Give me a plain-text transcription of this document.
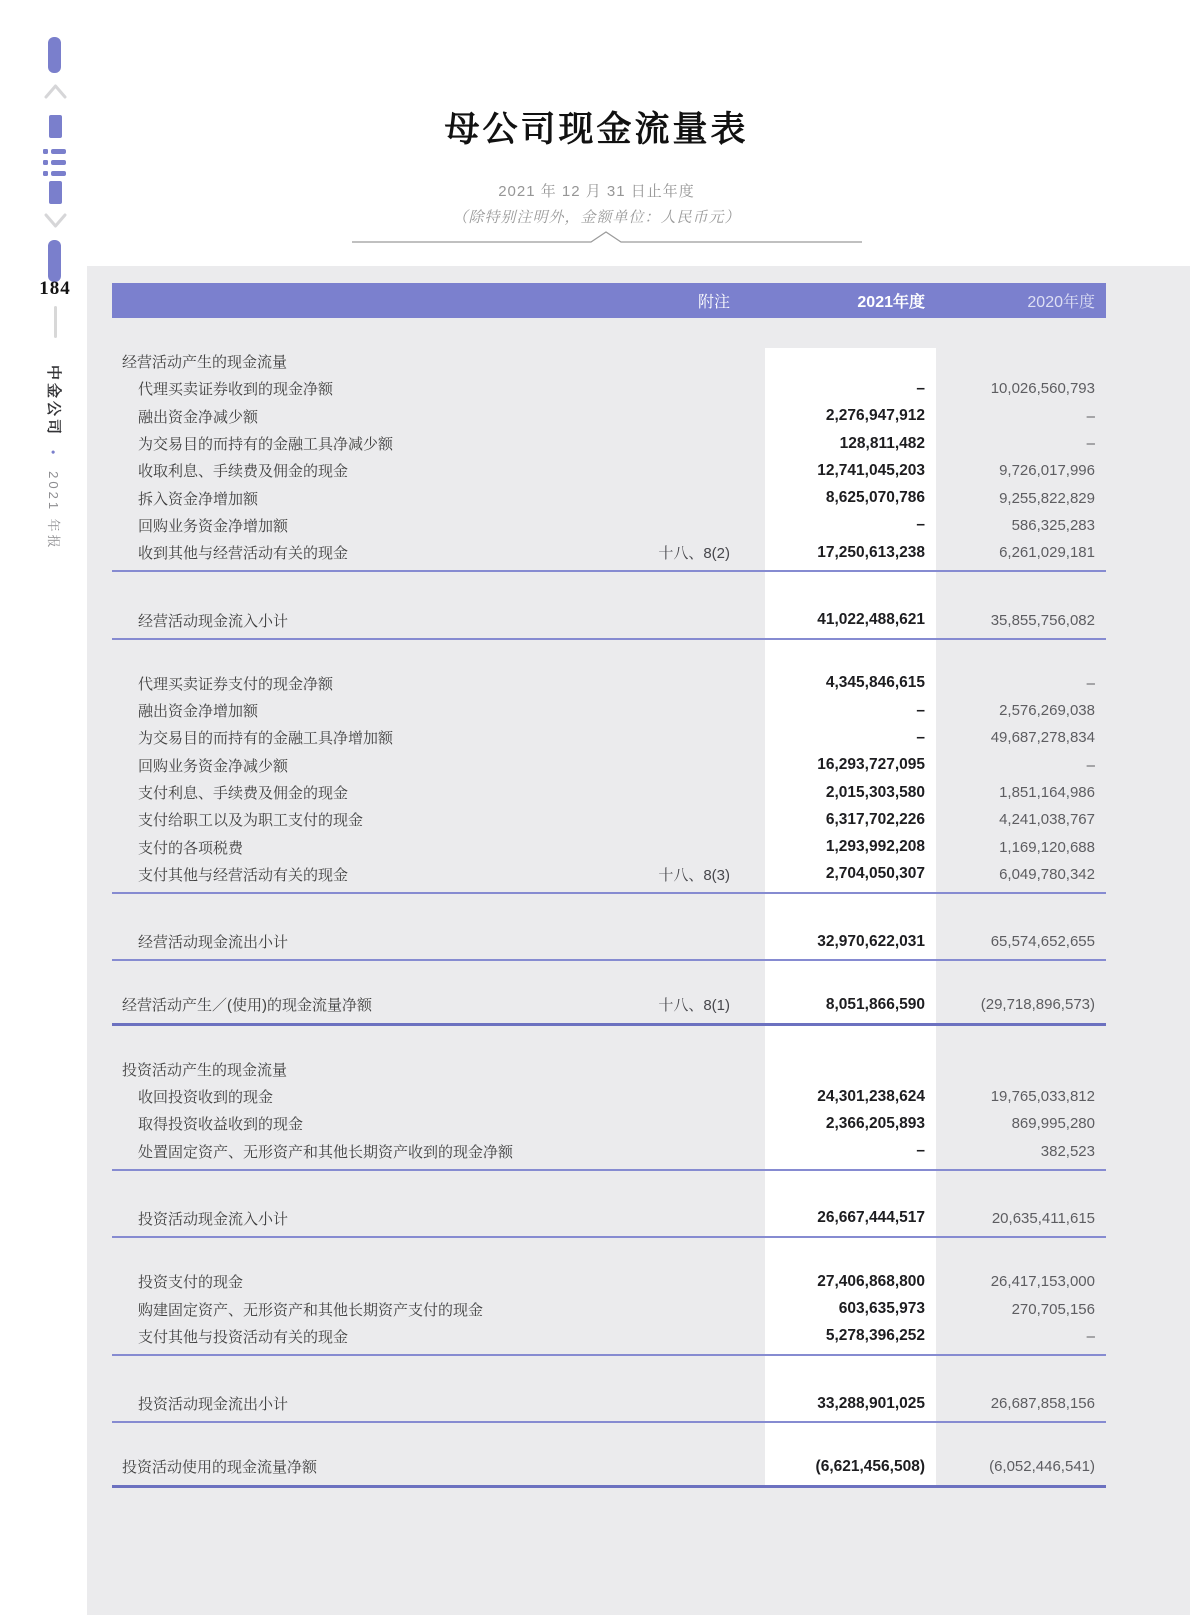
184
中金公司 • 2021 年报
母公司现金流量表
2021 年 12 月 31 日止年度
（除特别注明外，金额单位：人民币元）
附注	2021年度	2020年度
经营活动产生的现金流量
代理买卖证券收到的现金净额	–	10,026,560,793
融出资金净减少额	2,276,947,912	–
为交易目的而持有的金融工具净减少额	128,811,482	–
收取利息、手续费及佣金的现金	12,741,045,203	9,726,017,996
拆入资金净增加额	8,625,070,786	9,255,822,829
回购业务资金净增加额	–	586,325,283
收到其他与经营活动有关的现金	十八、8(2)	17,250,613,238	6,261,029,181
经营活动现金流入小计	41,022,488,621	35,855,756,082
代理买卖证券支付的现金净额	4,345,846,615	–
融出资金净增加额	–	2,576,269,038
为交易目的而持有的金融工具净增加额	–	49,687,278,834
回购业务资金净减少额	16,293,727,095	–
支付利息、手续费及佣金的现金	2,015,303,580	1,851,164,986
支付给职工以及为职工支付的现金	6,317,702,226	4,241,038,767
支付的各项税费	1,293,992,208	1,169,120,688
支付其他与经营活动有关的现金	十八、8(3)	2,704,050,307	6,049,780,342
经营活动现金流出小计	32,970,622,031	65,574,652,655
经营活动产生／(使用)的现金流量净额	十八、8(1)	8,051,866,590	(29,718,896,573)
投资活动产生的现金流量
收回投资收到的现金	24,301,238,624	19,765,033,812
取得投资收益收到的现金	2,366,205,893	869,995,280
处置固定资产、无形资产和其他长期资产收到的现金净额	–	382,523
投资活动现金流入小计	26,667,444,517	20,635,411,615
投资支付的现金	27,406,868,800	26,417,153,000
购建固定资产、无形资产和其他长期资产支付的现金	603,635,973	270,705,156
支付其他与投资活动有关的现金	5,278,396,252	–
投资活动现金流出小计	33,288,901,025	26,687,858,156
投资活动使用的现金流量净额	(6,621,456,508)	(6,052,446,541)
